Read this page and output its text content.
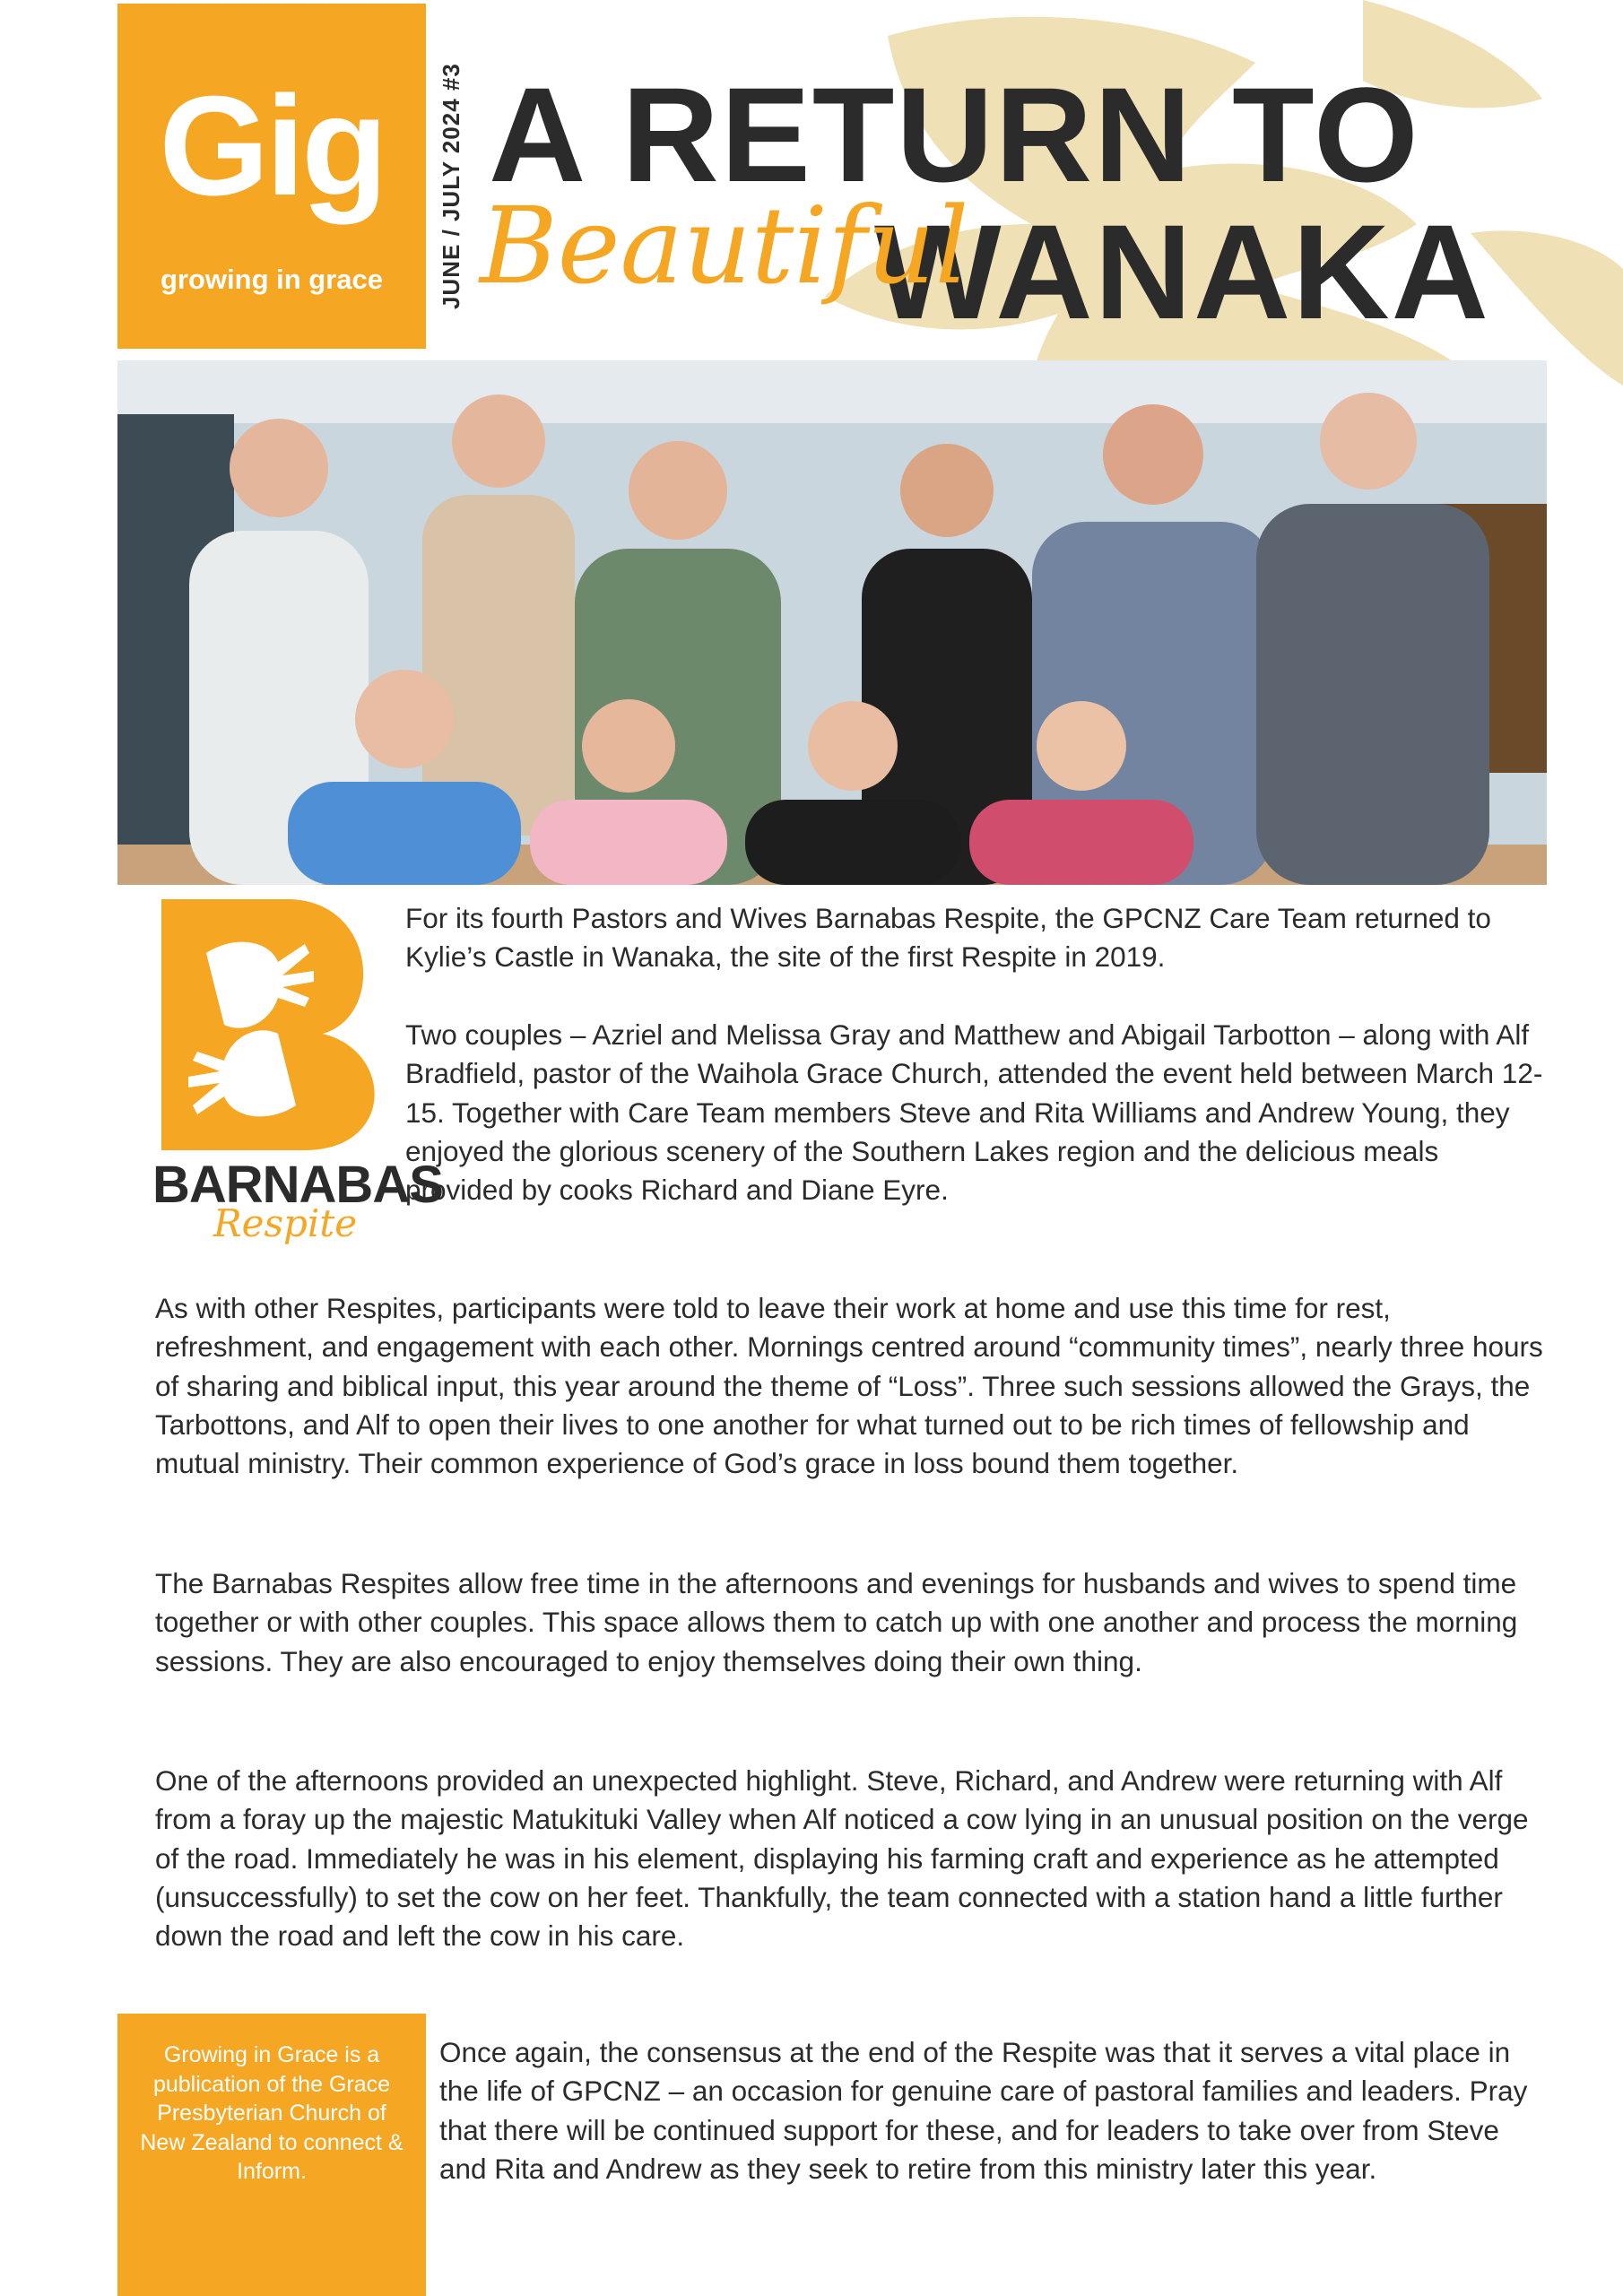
Gig
growing in grace	JUNE / JULY 2024 #3 A RETURN TO
WANAKA
Beautiful
BARNABAS
Respite

For its fourth Pastors and Wives Barnabas Respite, the GPCNZ Care Team returned to Kylie’s Castle in Wanaka, the site of the first Respite in 2019.

Two couples – Azriel and Melissa Gray and Matthew and Abigail Tarbotton – along with Alf Bradfield, pastor of the Waihola Grace Church, attended the event held between March 12-15. Together with Care Team members Steve and Rita Williams and Andrew Young, they enjoyed the glorious scenery of the Southern Lakes region and the delicious meals provided by cooks Richard and Diane Eyre.

As with other Respites, participants were told to leave their work at home and use this time for rest, refreshment, and engagement with each other. Mornings centred around “community times”, nearly three hours of sharing and biblical input, this year around the theme of “Loss”. Three such sessions allowed the Grays, the Tarbottons, and Alf to open their lives to one another for what turned out to be rich times of fellowship and mutual ministry. Their common experience of God’s grace in loss bound them together.

The Barnabas Respites allow free time in the afternoons and evenings for husbands and wives to spend time together or with other couples. This space allows them to catch up with one another and process the morning sessions. They are also encouraged to enjoy themselves doing their own thing.

One of the afternoons provided an unexpected highlight. Steve, Richard, and Andrew were returning with Alf from a foray up the majestic Matukituki Valley when Alf noticed a cow lying in an unusual position on the verge of the road. Immediately he was in his element, displaying his farming craft and experience as he attempted (unsuccessfully) to set the cow on her feet. Thankfully, the team connected with a station hand a little further down the road and left the cow in his care.

Once again, the consensus at the end of the Respite was that it serves a vital place in the life of GPCNZ – an occasion for genuine care of pastoral families and leaders. Pray that there will be continued support for these, and for leaders to take over from Steve and Rita and Andrew as they seek to retire from this ministry later this year.

Growing in Grace is a publication of the Grace Presbyterian Church of New Zealand to connect & Inform.
